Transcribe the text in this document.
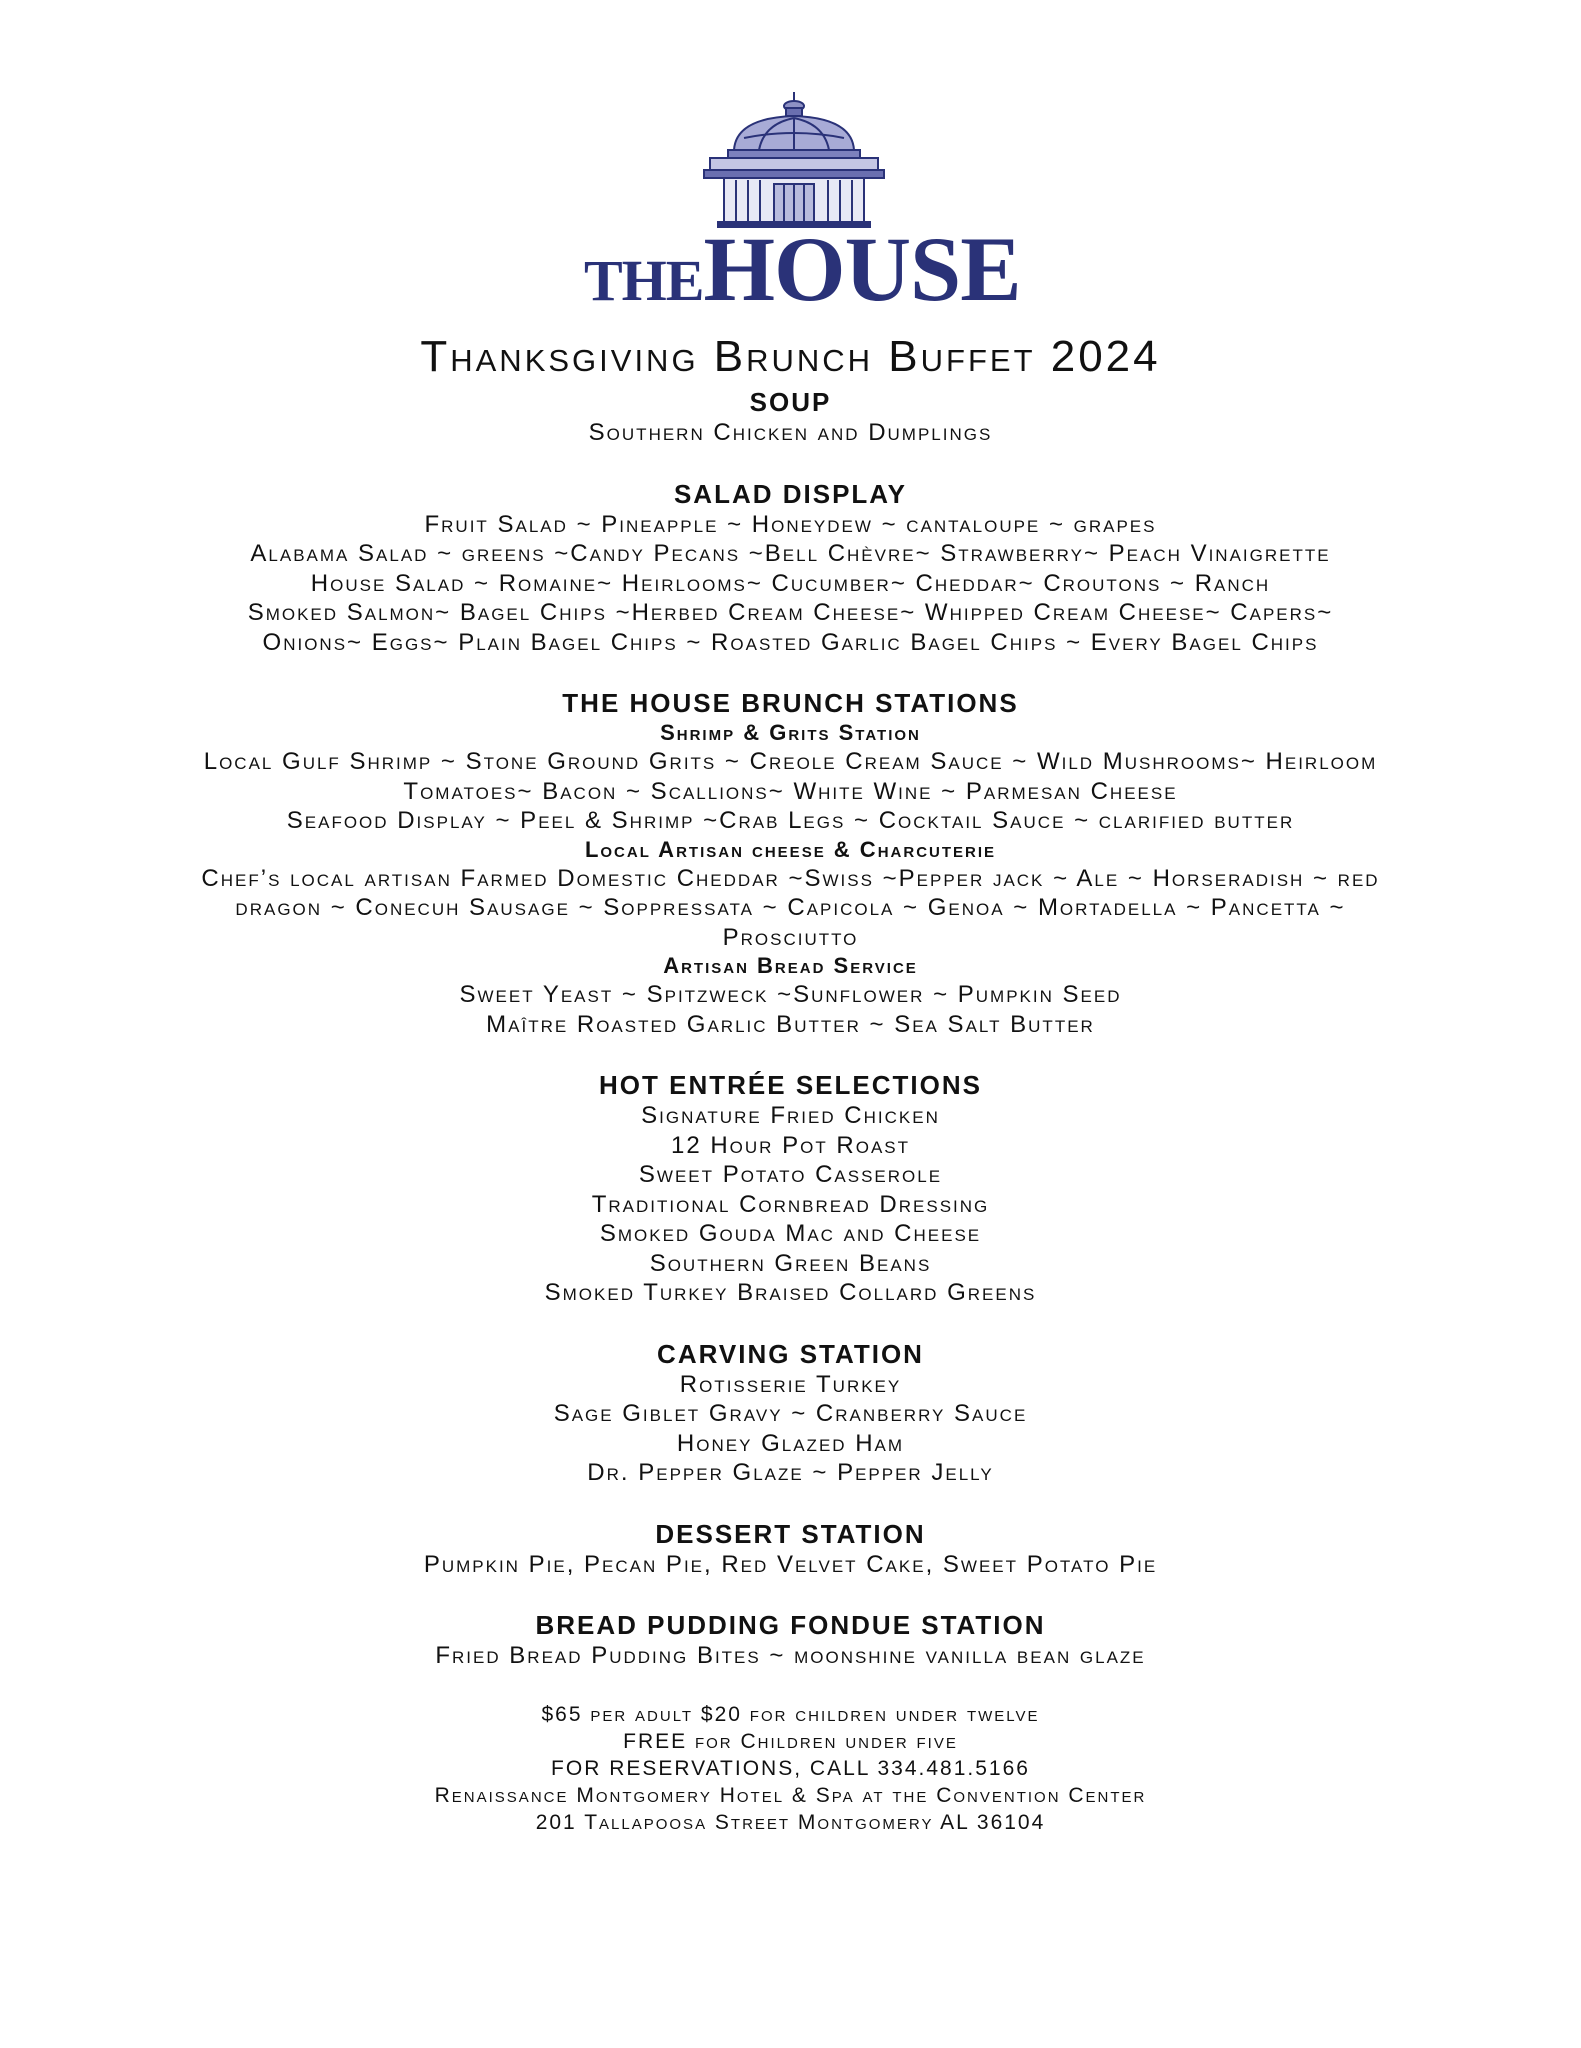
THEHOUSE

Thanksgiving Brunch Buffet 2024

SOUP

Southern Chicken and Dumplings

SALAD DISPLAY

Fruit Salad ~ Pineapple ~ Honeydew ~ cantaloupe ~ grapes

Alabama Salad ~ greens ~Candy Pecans ~Bell Chèvre~ Strawberry~ Peach Vinaigrette

House Salad ~ Romaine~ Heirlooms~ Cucumber~ Cheddar~ Croutons ~ Ranch

Smoked Salmon~ Bagel Chips ~Herbed Cream Cheese~ Whipped Cream Cheese~ Capers~

Onions~ Eggs~ Plain Bagel Chips ~ Roasted Garlic Bagel Chips ~ Every Bagel Chips

THE HOUSE BRUNCH STATIONS

Shrimp & Grits Station

Local Gulf Shrimp ~ Stone Ground Grits ~ Creole Cream Sauce ~ Wild Mushrooms~ Heirloom

Tomatoes~ Bacon ~ Scallions~ White Wine ~ Parmesan Cheese

Seafood Display ~ Peel & Shrimp ~Crab Legs ~ Cocktail Sauce ~ clarified butter

Local Artisan cheese & Charcuterie

Chef’s local artisan Farmed Domestic Cheddar ~Swiss ~Pepper jack ~ Ale ~ Horseradish ~ red

dragon ~ Conecuh Sausage ~ Soppressata ~ Capicola ~ Genoa ~ Mortadella ~ Pancetta ~

Prosciutto

Artisan Bread Service

Sweet Yeast ~ Spitzweck ~Sunflower ~ Pumpkin Seed

Maître Roasted Garlic Butter ~ Sea Salt Butter

HOT ENTRÉE SELECTIONS

Signature Fried Chicken

12 Hour Pot Roast

Sweet Potato Casserole

Traditional Cornbread Dressing

Smoked Gouda Mac and Cheese

Southern Green Beans

Smoked Turkey Braised Collard Greens

CARVING STATION

Rotisserie Turkey

Sage Giblet Gravy ~ Cranberry Sauce

Honey Glazed Ham

Dr. Pepper Glaze ~ Pepper Jelly

DESSERT STATION

Pumpkin Pie, Pecan Pie, Red Velvet Cake, Sweet Potato Pie

BREAD PUDDING FONDUE STATION

Fried Bread Pudding Bites ~ moonshine vanilla bean glaze

$65 per adult $20 for children under twelve

FREE for Children under five

FOR RESERVATIONS, CALL 334.481.5166

Renaissance Montgomery Hotel & Spa at the Convention Center

201 Tallapoosa Street Montgomery AL 36104
